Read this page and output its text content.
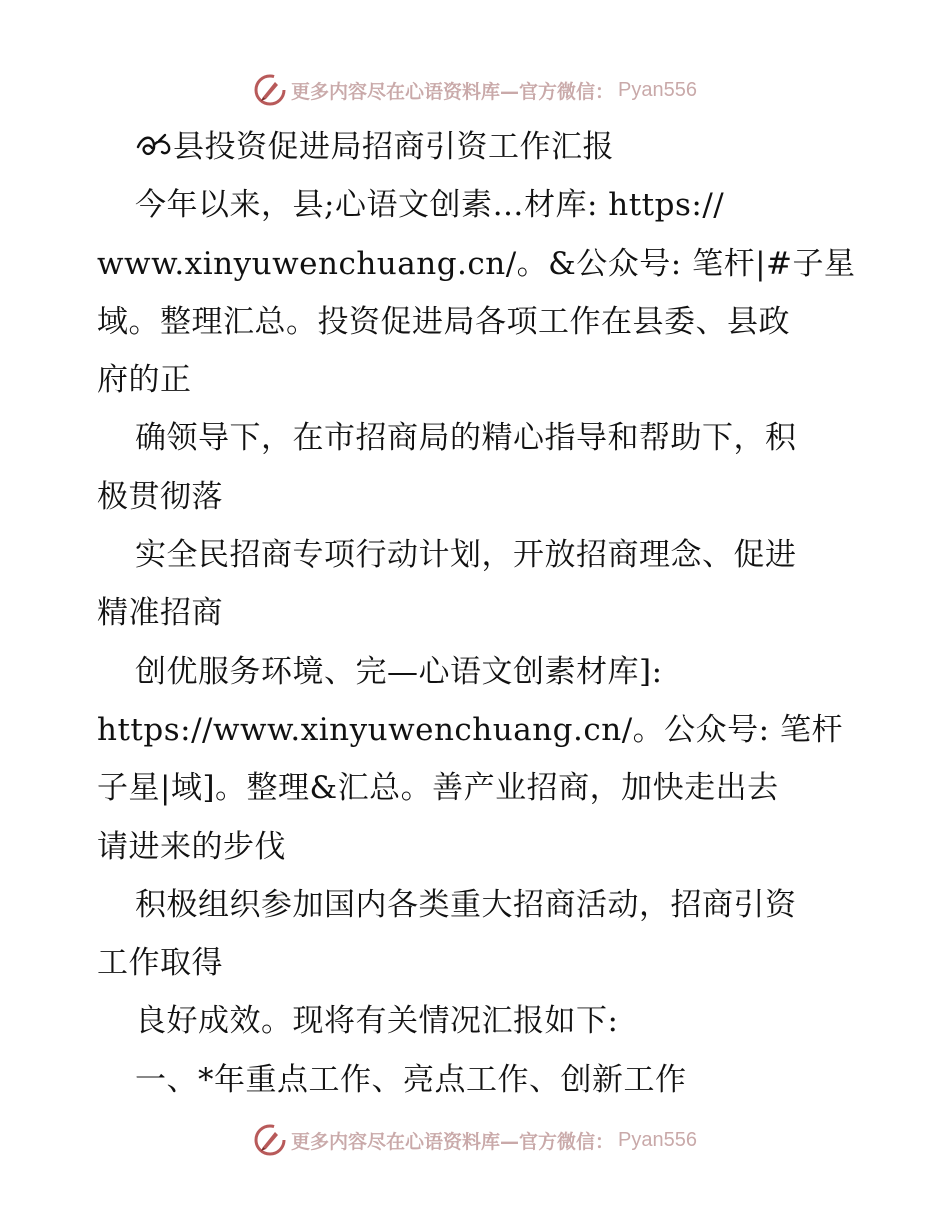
更多内容尽在心语资料库—官方微信： Pyan556
县投资促进局招商引资工作汇报
今年以来，县;心语文创素…材库: https://
www.xinyuwenchuang.cn/。&公众号: 笔杆|#子星
域。整理汇总。投资促进局各项工作在县委、县政
府的正
确领导下，在市招商局的精心指导和帮助下，积
极贯彻落
实全民招商专项行动计划，开放招商理念、促进
精准招商
创优服务环境、完—心语文创素材库]:
https://www.xinyuwenchuang.cn/。公众号: 笔杆
子星|域]。整理&汇总。善产业招商，加快走出去
请进来的步伐
积极组织参加国内各类重大招商活动，招商引资
工作取得
良好成效。现将有关情况汇报如下:
一、*年重点工作、亮点工作、创新工作
更多内容尽在心语资料库—官方微信： Pyan556
